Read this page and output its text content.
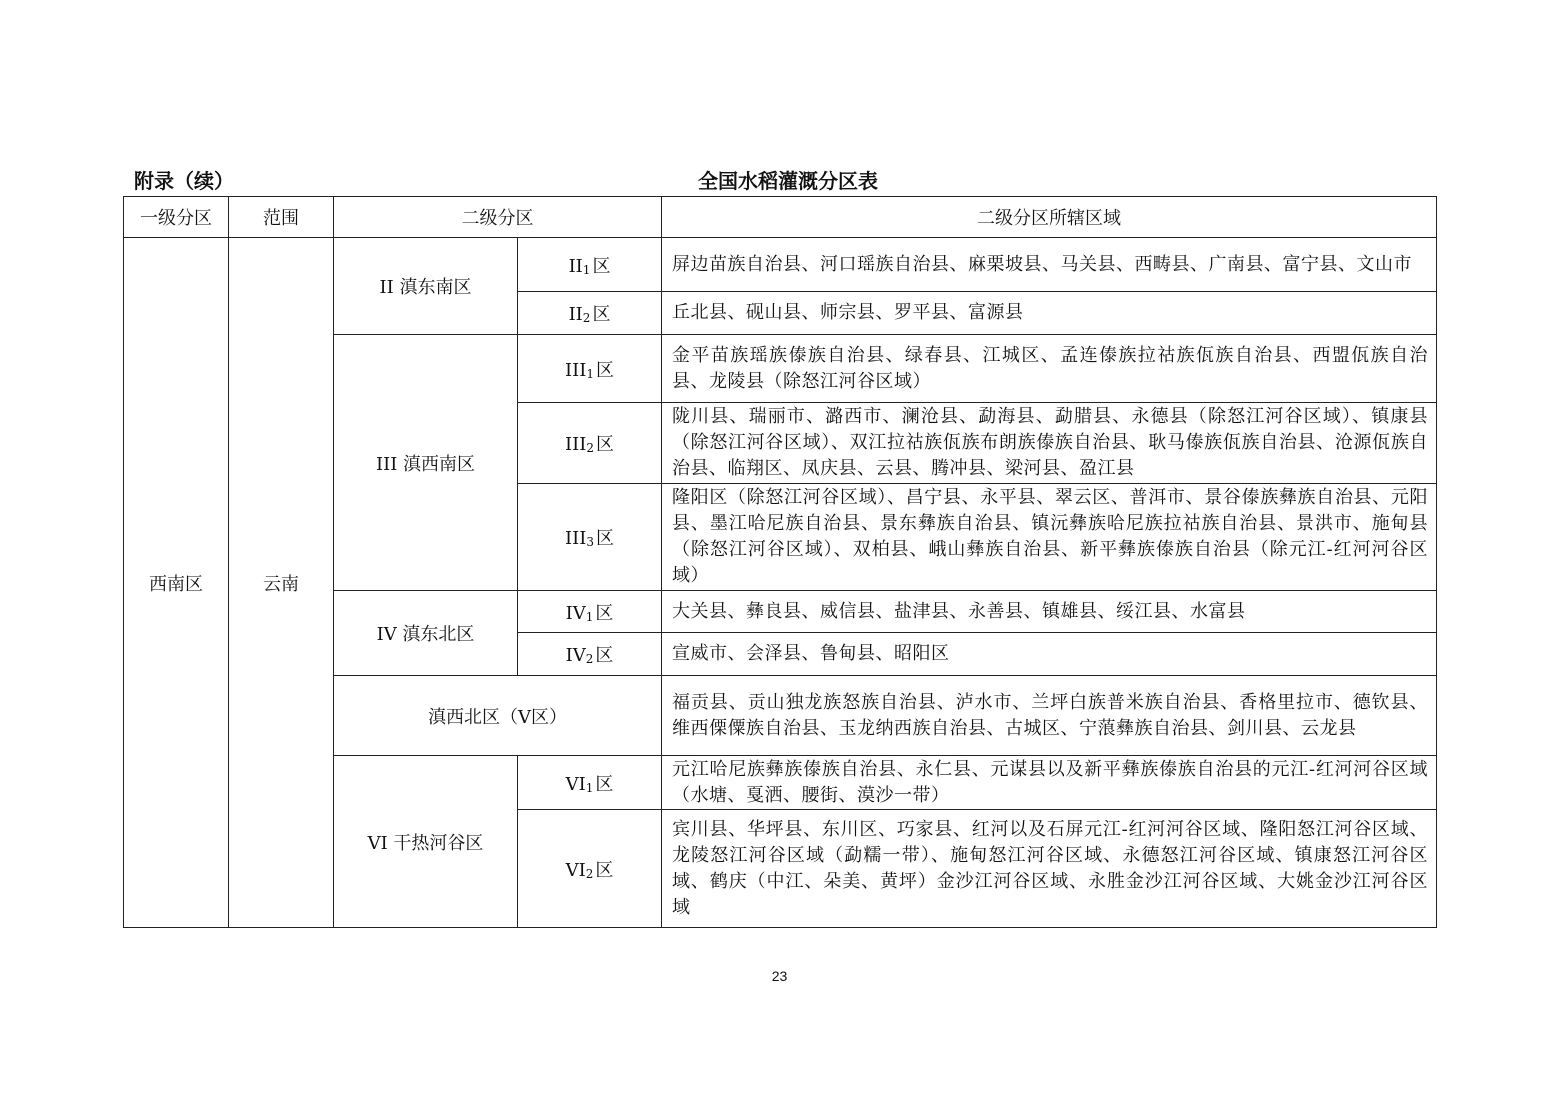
附录（续）	全国水稻灌溉分区表
一级分区	范围	二级分区		二级分区所辖区域
西南区	云南	II 滇东南区	II1 区	屏边苗族自治县、河口瑶族自治县、麻栗坡县、马关县、西畴县、广南县、富宁县、文山市
			II2 区	丘北县、砚山县、师宗县、罗平县、富源县
		III 滇西南区	III1 区	金平苗族瑶族傣族自治县、绿春县、江城区、孟连傣族拉祜族佤族自治县、西盟佤族自治县、龙陵县（除怒江河谷区域）
			III2 区	陇川县、瑞丽市、潞西市、澜沧县、勐海县、勐腊县、永德县（除怒江河谷区域）、镇康县（除怒江河谷区域）、双江拉祜族佤族布朗族傣族自治县、耿马傣族佤族自治县、沧源佤族自治县、临翔区、凤庆县、云县、腾冲县、梁河县、盈江县
			III3 区	隆阳区（除怒江河谷区域）、昌宁县、永平县、翠云区、普洱市、景谷傣族彝族自治县、元阳县、墨江哈尼族自治县、景东彝族自治县、镇沅彝族哈尼族拉祜族自治县、景洪市、施甸县（除怒江河谷区域）、双柏县、峨山彝族自治县、新平彝族傣族自治县（除元江-红河河谷区域）
		IV 滇东北区	IV1 区	大关县、彝良县、威信县、盐津县、永善县、镇雄县、绥江县、水富县
			IV2 区	宣威市、会泽县、鲁甸县、昭阳区
		滇西北区（V区）		福贡县、贡山独龙族怒族自治县、泸水市、兰坪白族普米族自治县、香格里拉市、德钦县、维西傈僳族自治县、玉龙纳西族自治县、古城区、宁蒗彝族自治县、剑川县、云龙县
		VI 干热河谷区	VI1 区	元江哈尼族彝族傣族自治县、永仁县、元谋县以及新平彝族傣族自治县的元江-红河河谷区域（水塘、戛洒、腰街、漠沙一带）
			VI2 区	宾川县、华坪县、东川区、巧家县、红河以及石屏元江-红河河谷区域、隆阳怒江河谷区域、龙陵怒江河谷区域（勐糯一带）、施甸怒江河谷区域、永德怒江河谷区域、镇康怒江河谷区域、鹤庆（中江、朵美、黄坪）金沙江河谷区域、永胜金沙江河谷区域、大姚金沙江河谷区域
23
